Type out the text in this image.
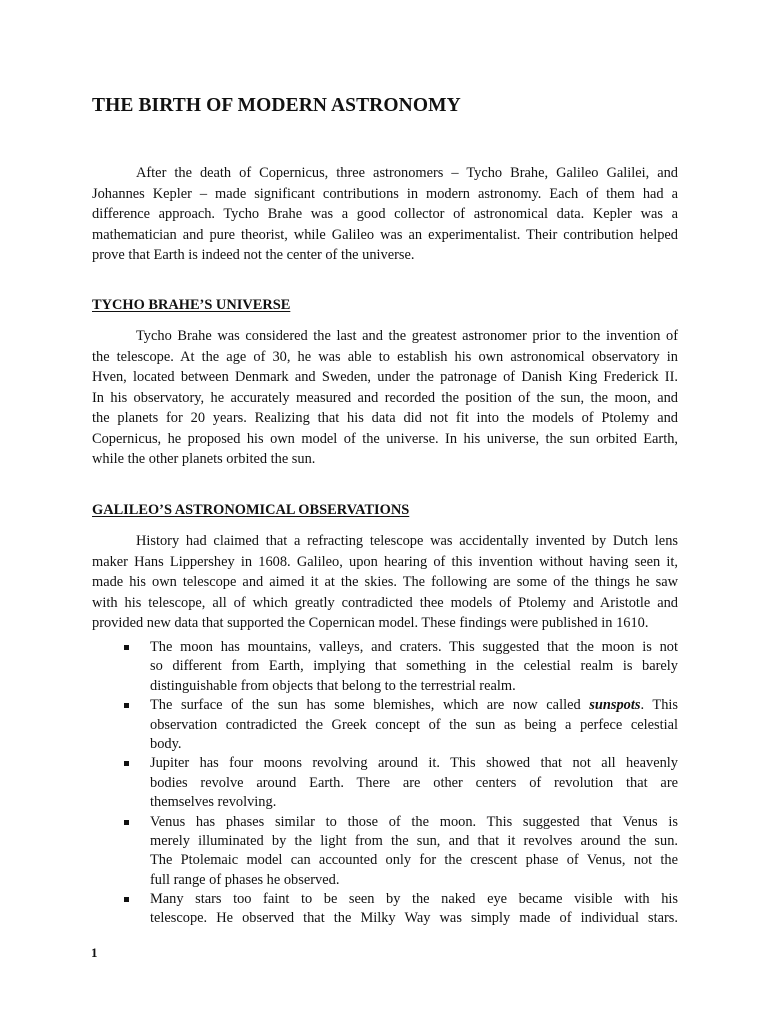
THE BIRTH OF MODERN ASTRONOMY

After the death of Copernicus, three astronomers – Tycho Brahe, Galileo Galilei, and
Johannes Kepler – made significant contributions in modern astronomy. Each of them had a
difference approach. Tycho Brahe was a good collector of astronomical data. Kepler was a
mathematician and pure theorist, while Galileo was an experimentalist. Their contribution helped
prove that Earth is indeed not the center of the universe.

TYCHO BRAHE’S UNIVERSE

Tycho Brahe was considered the last and the greatest astronomer prior to the invention of
the telescope. At the age of 30, he was able to establish his own astronomical observatory in
Hven, located between Denmark and Sweden, under the patronage of Danish King Frederick II.
In his observatory, he accurately measured and recorded the position of the sun, the moon, and
the planets for 20 years. Realizing that his data did not fit into the models of Ptolemy and
Copernicus, he proposed his own model of the universe. In his universe, the sun orbited Earth,
while the other planets orbited the sun.

GALILEO’S ASTRONOMICAL OBSERVATIONS

History had claimed that a refracting telescope was accidentally invented by Dutch lens
maker Hans Lippershey in 1608. Galileo, upon hearing of this invention without having seen it,
made his own telescope and aimed it at the skies. The following are some of the things he saw
with his telescope, all of which greatly contradicted thee models of Ptolemy and Aristotle and
provided new data that supported the Copernican model. These findings were published in 1610.

The moon has mountains, valleys, and craters. This suggested that the moon is not
so different from Earth, implying that something in the celestial realm is barely
distinguishable from objects that belong to the terrestrial realm.
The surface of the sun has some blemishes, which are now called sunspots. This
observation contradicted the Greek concept of the sun as being a perfece celestial
body.
Jupiter has four moons revolving around it. This showed that not all heavenly
bodies revolve around Earth. There are other centers of revolution that are
themselves revolving.
Venus has phases similar to those of the moon. This suggested that Venus is
merely illuminated by the light from the sun, and that it revolves around the sun.
The Ptolemaic model can accounted only for the crescent phase of Venus, not the
full range of phases he observed.
Many stars too faint to be seen by the naked eye became visible with his
telescope. He observed that the Milky Way was simply made of individual stars.

1
